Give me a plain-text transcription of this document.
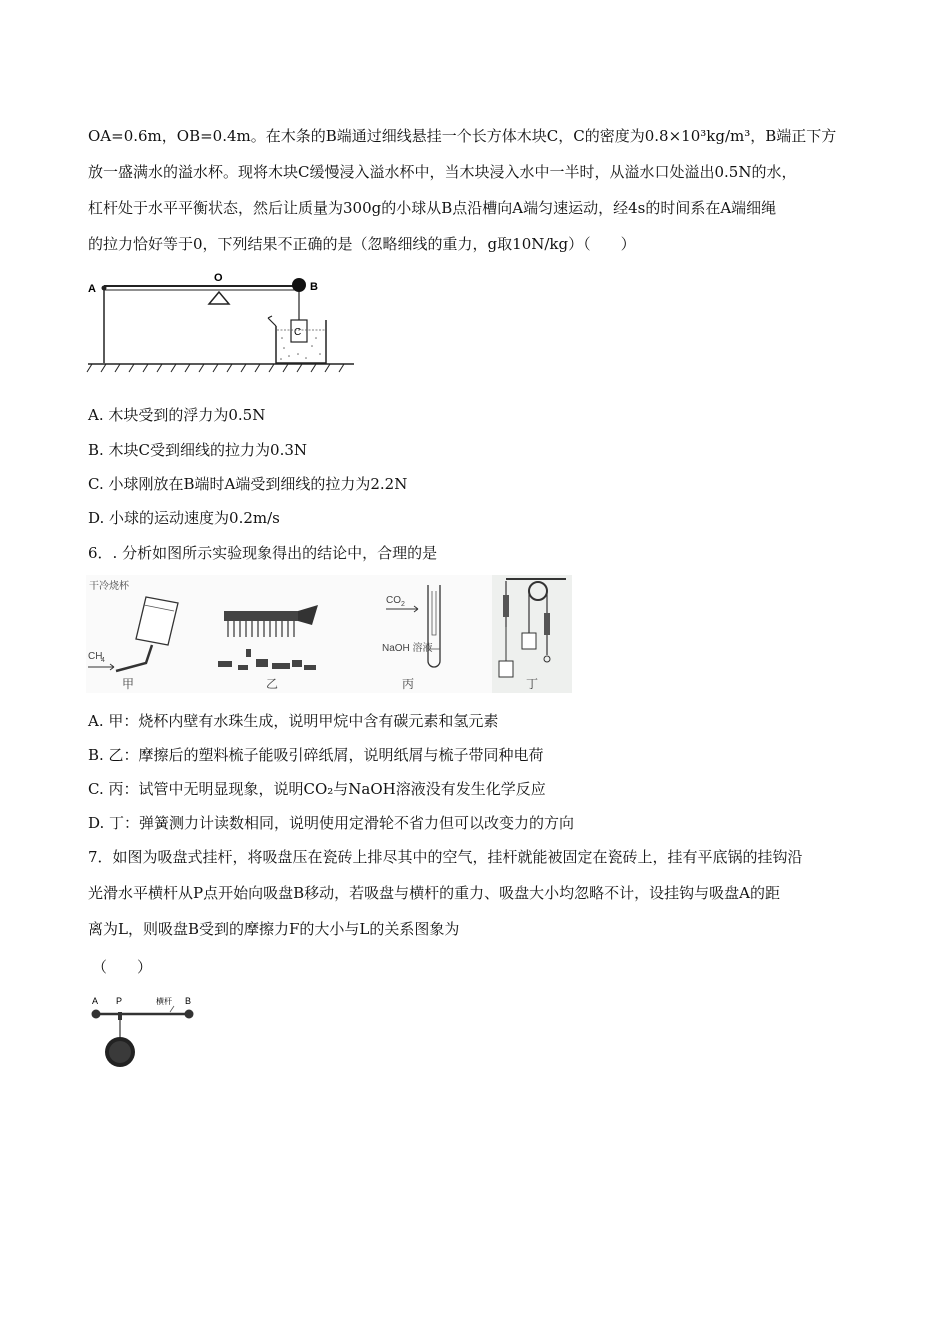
OA=0.6m，OB=0.4m。在木条的B端通过细线悬挂一个长方体木块C，C的密度为0.8×10³kg/m³，B端正下方
放一盛满水的溢水杯。现将木块C缓慢浸入溢水杯中，当木块浸入水中一半时，从溢水口处溢出0.5N的水，
杠杆处于水平平衡状态，然后让质量为300g的小球从B点沿槽向A端匀速运动，经4s的时间系在A端细绳
的拉力恰好等于0，下列结果不正确的是（忽略细线的重力，g取10N/kg）（　　）
A
O
B
C
A. 木块受到的浮力为0.5N
B. 木块C受到细线的拉力为0.3N
C. 小球刚放在B端时A端受到细线的拉力为2.2N
D. 小球的运动速度为0.2m/s
6．. 分析如图所示实验现象得出的结论中，合理的是
干冷烧杯
CH
4
甲	乙
CO 2
NaOH 溶液
丙	丁
A. 甲：烧杯内壁有水珠生成，说明甲烷中含有碳元素和氢元素
B. 乙：摩擦后的塑料梳子能吸引碎纸屑，说明纸屑与梳子带同种电荷
C. 丙：试管中无明显现象，说明CO₂与NaOH溶液没有发生化学反应
D. 丁：弹簧测力计读数相同，说明使用定滑轮不省力但可以改变力的方向
7．如图为吸盘式挂杆，将吸盘压在瓷砖上排尽其中的空气，挂杆就能被固定在瓷砖上，挂有平底锅的挂钩沿
光滑水平横杆从P点开始向吸盘B移动，若吸盘与横杆的重力、吸盘大小均忽略不计，设挂钩与吸盘A的距
离为L，则吸盘B受到的摩擦力F的大小与L的关系图象为
（　　）
A P	横杆 B
